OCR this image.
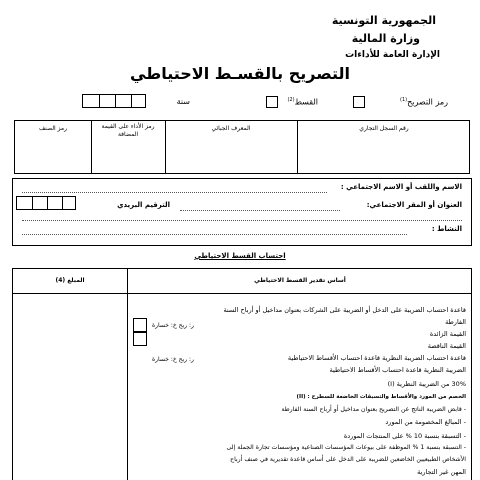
الجمهورية التونسية
وزارة المالية
الإدارة العامة للأداءات
التصريح بالقسـط الاحتياطي
رمز التصريح$^{(1)}$
القسط$^{(2)}$
سنة
رقم السجل التجاري
المعرف الجبائي
رمز الأداء على القيمة المضافة
رمز الصنف
الاسم واللقب أو الاسم الاجتماعي :
العنوان أو المقر الاجتماعي:
الترقيم البريدي
النشاط :
احتساب القسط الاحتياطي
أساس تقدير القسط الاحتياطي
المبلغ (4)
قاعدة احتساب الضريبة على الدخل أو الضريبة على الشركات بعنوان مداخيل أو أرباح السنة
الفارطة
القيمة الزائدة
القيمة الناقصة
قاعدة احتساب الضريبة النظرية قاعدة احتساب الأقساط الاحتياطية
الضريبة النظرية قاعدة احتساب الأقساط الاحتياطية
30% من الضريبة النظرية (I)
الخصم من المورد والأقساط والتسبقات الخاضعة للسطرح : (II)
- قابض الضريبة الناتج عن التصريح بعنوان مداخيل أو أرباح السنة الفارطة
- المبالغ المخصومة من المورد
- التسبقة بنسبة 10 % على المنتجات الموردة
- التسبقة بنسبة 1 % الموظفة على بيوعات المؤسسات الصناعية ومؤسسات تجارة الجملة إلى
الأشخاص الطبيعيين الخاضعين للضريبة على الدخل على أساس قاعدة تقديرية في صنف أرباح
المهن غير التجارية
ر: ربح خ: خسارة
ر: ربح خ: خسارة
